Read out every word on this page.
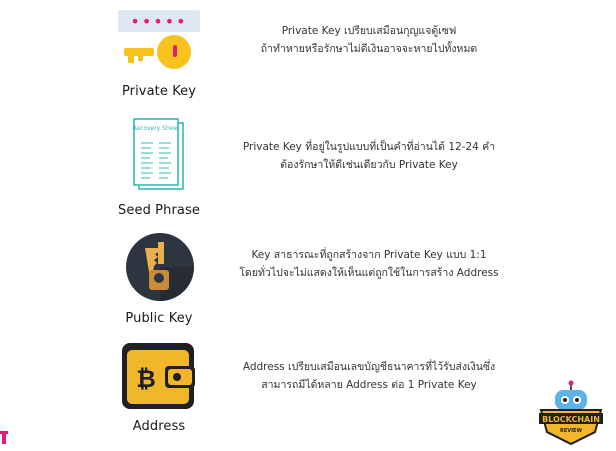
•••••
Private Key
Private Key เปรียบเสมือนกุญแจตู้เซฟ
ถ้าทำหายหรือรักษาไม่ดีเงินอาจจะหายไปทั้งหมด
Recovery Sheet
Seed Phrase
Private Key ที่อยู่ในรูปแบบที่เป็นคำที่อ่านได้ 12-24 คำ
ต้องรักษาให้ดีเช่นเดียวกับ Private Key
Public Key
Key สาธารณะที่ถูกสร้างจาก Private Key แบบ 1:1
โดยทั่วไปจะไม่แสดงให้เห็นแต่ถูกใช้ในการสร้าง Address
₿
Address
Address เปรียบเสมือนเลขบัญชีธนาคารที่ไว้รับส่งเงินซึ่ง
สามารถมีได้หลาย Address ต่อ 1 Private Key
BLOCKCHAIN
REVIEW
